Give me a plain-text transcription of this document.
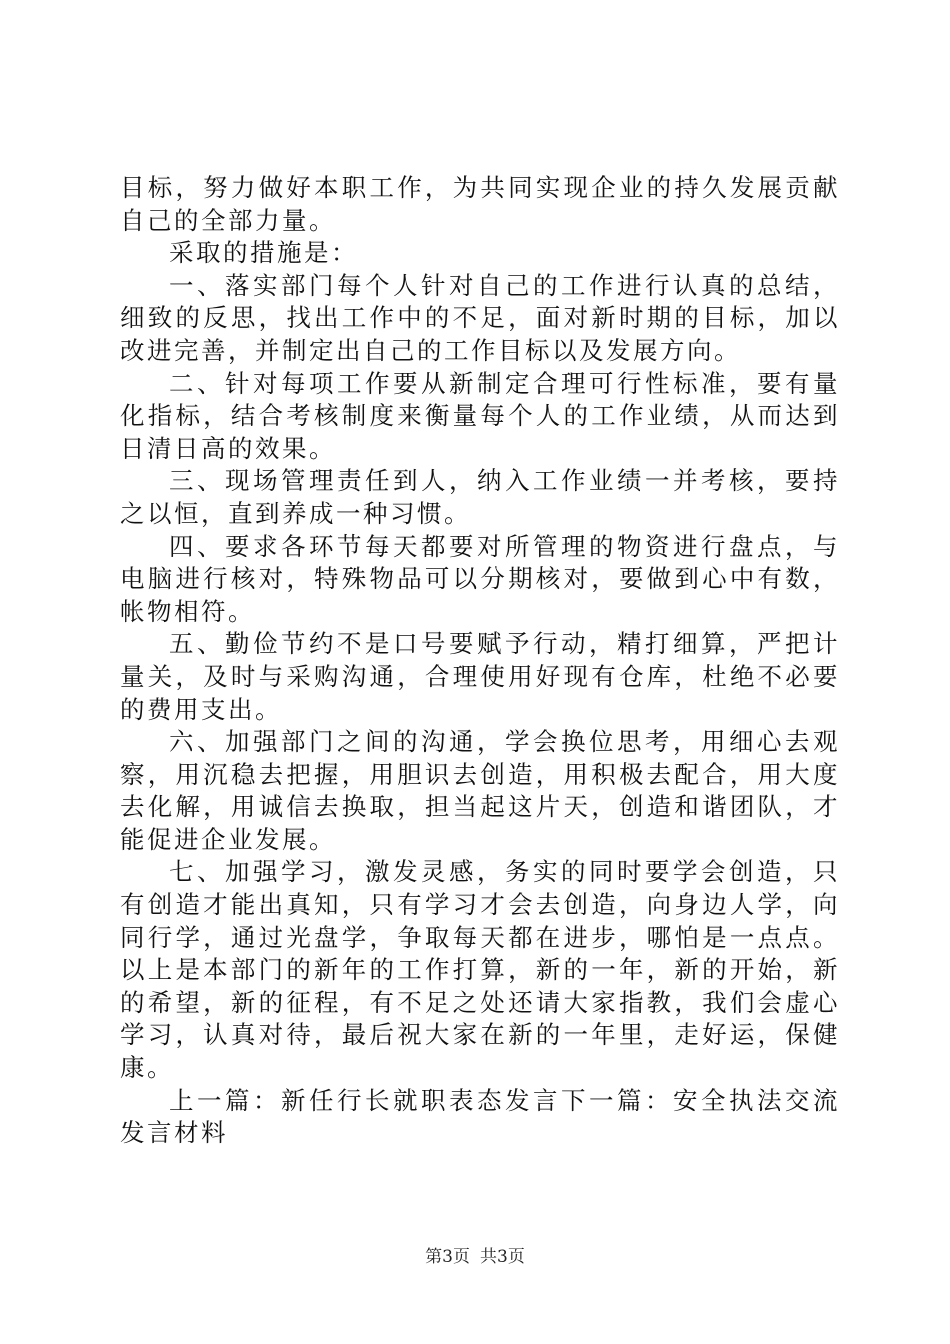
目标，努力做好本职工作，为共同实现企业的持久发展贡献自己的全部力量。

采取的措施是：

一、落实部门每个人针对自己的工作进行认真的总结，细致的反思，找出工作中的不足，面对新时期的目标，加以改进完善，并制定出自己的工作目标以及发展方向。

二、针对每项工作要从新制定合理可行性标准，要有量化指标，结合考核制度来衡量每个人的工作业绩，从而达到日清日高的效果。

三、现场管理责任到人，纳入工作业绩一并考核，要持之以恒，直到养成一种习惯。

四、要求各环节每天都要对所管理的物资进行盘点，与电脑进行核对，特殊物品可以分期核对，要做到心中有数，帐物相符。

五、勤俭节约不是口号要赋予行动，精打细算，严把计量关，及时与采购沟通，合理使用好现有仓库，杜绝不必要的费用支出。

六、加强部门之间的沟通，学会换位思考，用细心去观察，用沉稳去把握，用胆识去创造，用积极去配合，用大度去化解，用诚信去换取，担当起这片天，创造和谐团队，才能促进企业发展。

七、加强学习，激发灵感，务实的同时要学会创造，只有创造才能出真知，只有学习才会去创造，向身边人学，向同行学，通过光盘学，争取每天都在进步，哪怕是一点点。以上是本部门的新年的工作打算，新的一年，新的开始，新的希望，新的征程，有不足之处还请大家指教，我们会虚心学习，认真对待，最后祝大家在新的一年里，走好运，保健康。

上一篇：新任行长就职表态发言下一篇：安全执法交流发言材料

第3页 共3页
